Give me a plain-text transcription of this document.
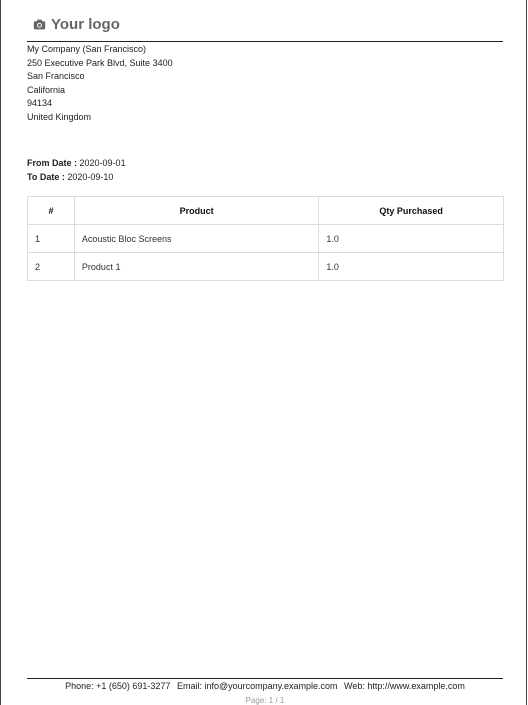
Your logo
My Company (San Francisco)
250 Executive Park Blvd, Suite 3400
San Francisco
California
94134
United Kingdom
From Date : 2020-09-01
To Date : 2020-09-10
#	Product	Qty Purchased
1	Acoustic Bloc Screens	1.0
2	Product 1	1.0
Phone: +1 (650) 691-3277 Email: info@yourcompany.example.com Web: http://www.example.com
Page: 1 / 1
